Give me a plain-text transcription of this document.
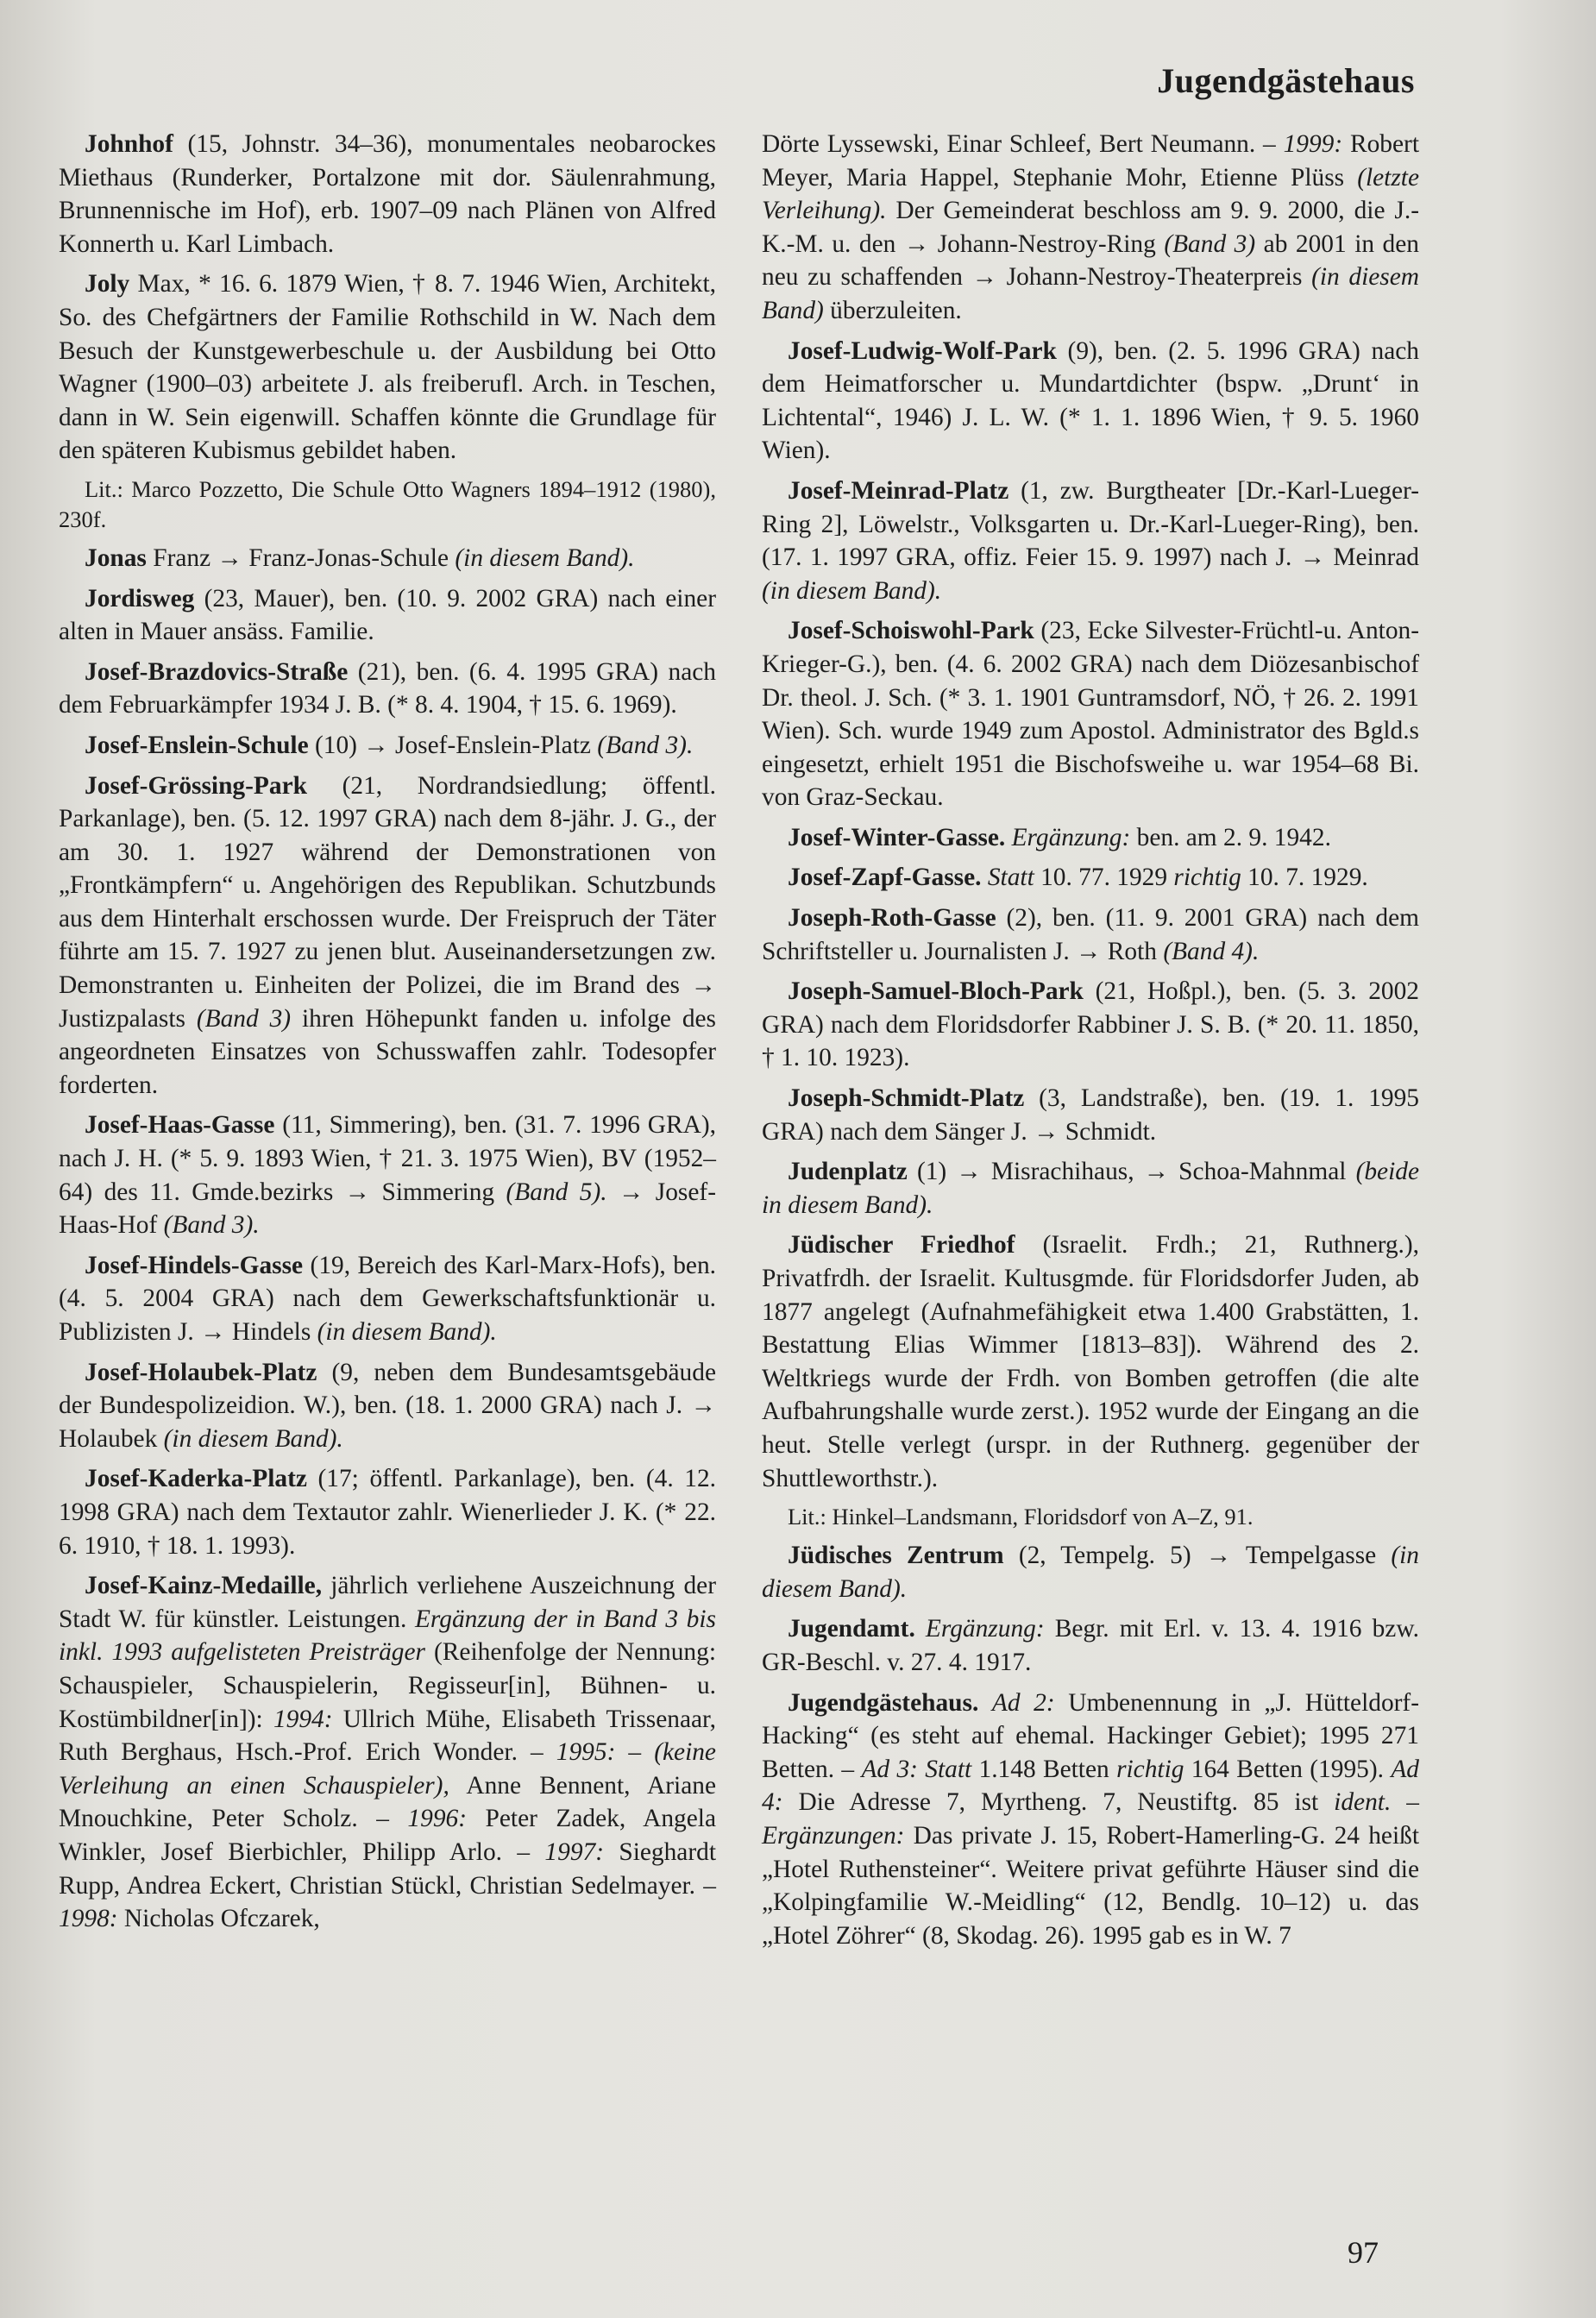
Jugendgästehaus

Johnhof (15, Johnstr. 34–36), monumentales neobarockes Miethaus (Runderker, Portalzone mit dor. Säulenrahmung, Brunnennische im Hof), erb. 1907–09 nach Plänen von Alfred Konnerth u. Karl Limbach.

Joly Max, * 16. 6. 1879 Wien, † 8. 7. 1946 Wien, Architekt, So. des Chefgärtners der Familie Rothschild in W. Nach dem Besuch der Kunstgewerbeschule u. der Ausbildung bei Otto Wagner (1900–03) arbeitete J. als freiberufl. Arch. in Teschen, dann in W. Sein eigenwill. Schaffen könnte die Grundlage für den späteren Kubismus gebildet haben.

Lit.: Marco Pozzetto, Die Schule Otto Wagners 1894–1912 (1980), 230f.

Jonas Franz → Franz-Jonas-Schule (in diesem Band).

Jordisweg (23, Mauer), ben. (10. 9. 2002 GRA) nach einer alten in Mauer ansäss. Familie.

Josef-Brazdovics-Straße (21), ben. (6. 4. 1995 GRA) nach dem Februarkämpfer 1934 J. B. (* 8. 4. 1904, † 15. 6. 1969).

Josef-Enslein-Schule (10) → Josef-Enslein-Platz (Band 3).

Josef-Grössing-Park (21, Nordrandsiedlung; öffentl. Parkanlage), ben. (5. 12. 1997 GRA) nach dem 8-jähr. J. G., der am 30. 1. 1927 während der Demonstrationen von „Frontkämpfern“ u. Angehörigen des Republikan. Schutzbunds aus dem Hinterhalt erschossen wurde. Der Freispruch der Täter führte am 15. 7. 1927 zu jenen blut. Auseinandersetzungen zw. Demonstranten u. Einheiten der Polizei, die im Brand des → Justizpalasts (Band 3) ihren Höhepunkt fanden u. infolge des angeordneten Einsatzes von Schusswaffen zahlr. Todesopfer forderten.

Josef-Haas-Gasse (11, Simmering), ben. (31. 7. 1996 GRA), nach J. H. (* 5. 9. 1893 Wien, † 21. 3. 1975 Wien), BV (1952–64) des 11. Gmde.bezirks → Simmering (Band 5). → Josef-Haas-Hof (Band 3).

Josef-Hindels-Gasse (19, Bereich des Karl-Marx-Hofs), ben. (4. 5. 2004 GRA) nach dem Gewerkschaftsfunktionär u. Publizisten J. → Hindels (in diesem Band).

Josef-Holaubek-Platz (9, neben dem Bundesamtsgebäude der Bundespolizeidion. W.), ben. (18. 1. 2000 GRA) nach J. → Holaubek (in diesem Band).

Josef-Kaderka-Platz (17; öffentl. Parkanlage), ben. (4. 12. 1998 GRA) nach dem Textautor zahlr. Wienerlieder J. K. (* 22. 6. 1910, † 18. 1. 1993).

Josef-Kainz-Medaille, jährlich verliehene Auszeichnung der Stadt W. für künstler. Leistungen. Ergänzung der in Band 3 bis inkl. 1993 aufgelisteten Preisträger (Reihenfolge der Nennung: Schauspieler, Schauspielerin, Regisseur[in], Bühnen- u. Kostümbildner[in]): 1994: Ullrich Mühe, Elisabeth Trissenaar, Ruth Berghaus, Hsch.-Prof. Erich Wonder. – 1995: – (keine Verleihung an einen Schauspieler), Anne Bennent, Ariane Mnouchkine, Peter Scholz. – 1996: Peter Zadek, Angela Winkler, Josef Bierbichler, Philipp Arlo. – 1997: Sieghardt Rupp, Andrea Eckert, Christian Stückl, Christian Sedelmayer. – 1998: Nicholas Ofczarek,

Dörte Lyssewski, Einar Schleef, Bert Neumann. – 1999: Robert Meyer, Maria Happel, Stephanie Mohr, Etienne Plüss (letzte Verleihung). Der Gemeinderat beschloss am 9. 9. 2000, die J.-K.-M. u. den → Johann-Nestroy-Ring (Band 3) ab 2001 in den neu zu schaffenden → Johann-Nestroy-Theaterpreis (in diesem Band) überzuleiten.

Josef-Ludwig-Wolf-Park (9), ben. (2. 5. 1996 GRA) nach dem Heimatforscher u. Mundartdichter (bspw. „Drunt‘ in Lichtental“, 1946) J. L. W. (* 1. 1. 1896 Wien, † 9. 5. 1960 Wien).

Josef-Meinrad-Platz (1, zw. Burgtheater [Dr.-Karl-Lueger-Ring 2], Löwelstr., Volksgarten u. Dr.-Karl-Lueger-Ring), ben. (17. 1. 1997 GRA, offiz. Feier 15. 9. 1997) nach J. → Meinrad (in diesem Band).

Josef-Schoiswohl-Park (23, Ecke Silvester-Früchtl-u. Anton-Krieger-G.), ben. (4. 6. 2002 GRA) nach dem Diözesanbischof Dr. theol. J. Sch. (* 3. 1. 1901 Guntramsdorf, NÖ, † 26. 2. 1991 Wien). Sch. wurde 1949 zum Apostol. Administrator des Bgld.s eingesetzt, erhielt 1951 die Bischofsweihe u. war 1954–68 Bi. von Graz-Seckau.

Josef-Winter-Gasse. Ergänzung: ben. am 2. 9. 1942.

Josef-Zapf-Gasse. Statt 10. 77. 1929 richtig 10. 7. 1929.

Joseph-Roth-Gasse (2), ben. (11. 9. 2001 GRA) nach dem Schriftsteller u. Journalisten J. → Roth (Band 4).

Joseph-Samuel-Bloch-Park (21, Hoßpl.), ben. (5. 3. 2002 GRA) nach dem Floridsdorfer Rabbiner J. S. B. (* 20. 11. 1850, † 1. 10. 1923).

Joseph-Schmidt-Platz (3, Landstraße), ben. (19. 1. 1995 GRA) nach dem Sänger J. → Schmidt.

Judenplatz (1) → Misrachihaus, → Schoa-Mahnmal (beide in diesem Band).

Jüdischer Friedhof (Israelit. Frdh.; 21, Ruthnerg.), Privatfrdh. der Israelit. Kultusgmde. für Floridsdorfer Juden, ab 1877 angelegt (Aufnahmefähigkeit etwa 1.400 Grabstätten, 1. Bestattung Elias Wimmer [1813–83]). Während des 2. Weltkriegs wurde der Frdh. von Bomben getroffen (die alte Aufbahrungshalle wurde zerst.). 1952 wurde der Eingang an die heut. Stelle verlegt (urspr. in der Ruthnerg. gegenüber der Shuttleworthstr.).

Lit.: Hinkel–Landsmann, Floridsdorf von A–Z, 91.

Jüdisches Zentrum (2, Tempelg. 5) → Tempelgasse (in diesem Band).

Jugendamt. Ergänzung: Begr. mit Erl. v. 13. 4. 1916 bzw. GR-Beschl. v. 27. 4. 1917.

Jugendgästehaus. Ad 2: Umbenennung in „J. Hütteldorf-Hacking“ (es steht auf ehemal. Hackinger Gebiet); 1995 271 Betten. – Ad 3: Statt 1.148 Betten richtig 164 Betten (1995). Ad 4: Die Adresse 7, Myrtheng. 7, Neustiftg. 85 ist ident. – Ergänzungen: Das private J. 15, Robert-Hamerling-G. 24 heißt „Hotel Ruthensteiner“. Weitere privat geführte Häuser sind die „Kolpingfamilie W.-Meidling“ (12, Bendlg. 10–12) u. das „Hotel Zöhrer“ (8, Skodag. 26). 1995 gab es in W. 7

97
